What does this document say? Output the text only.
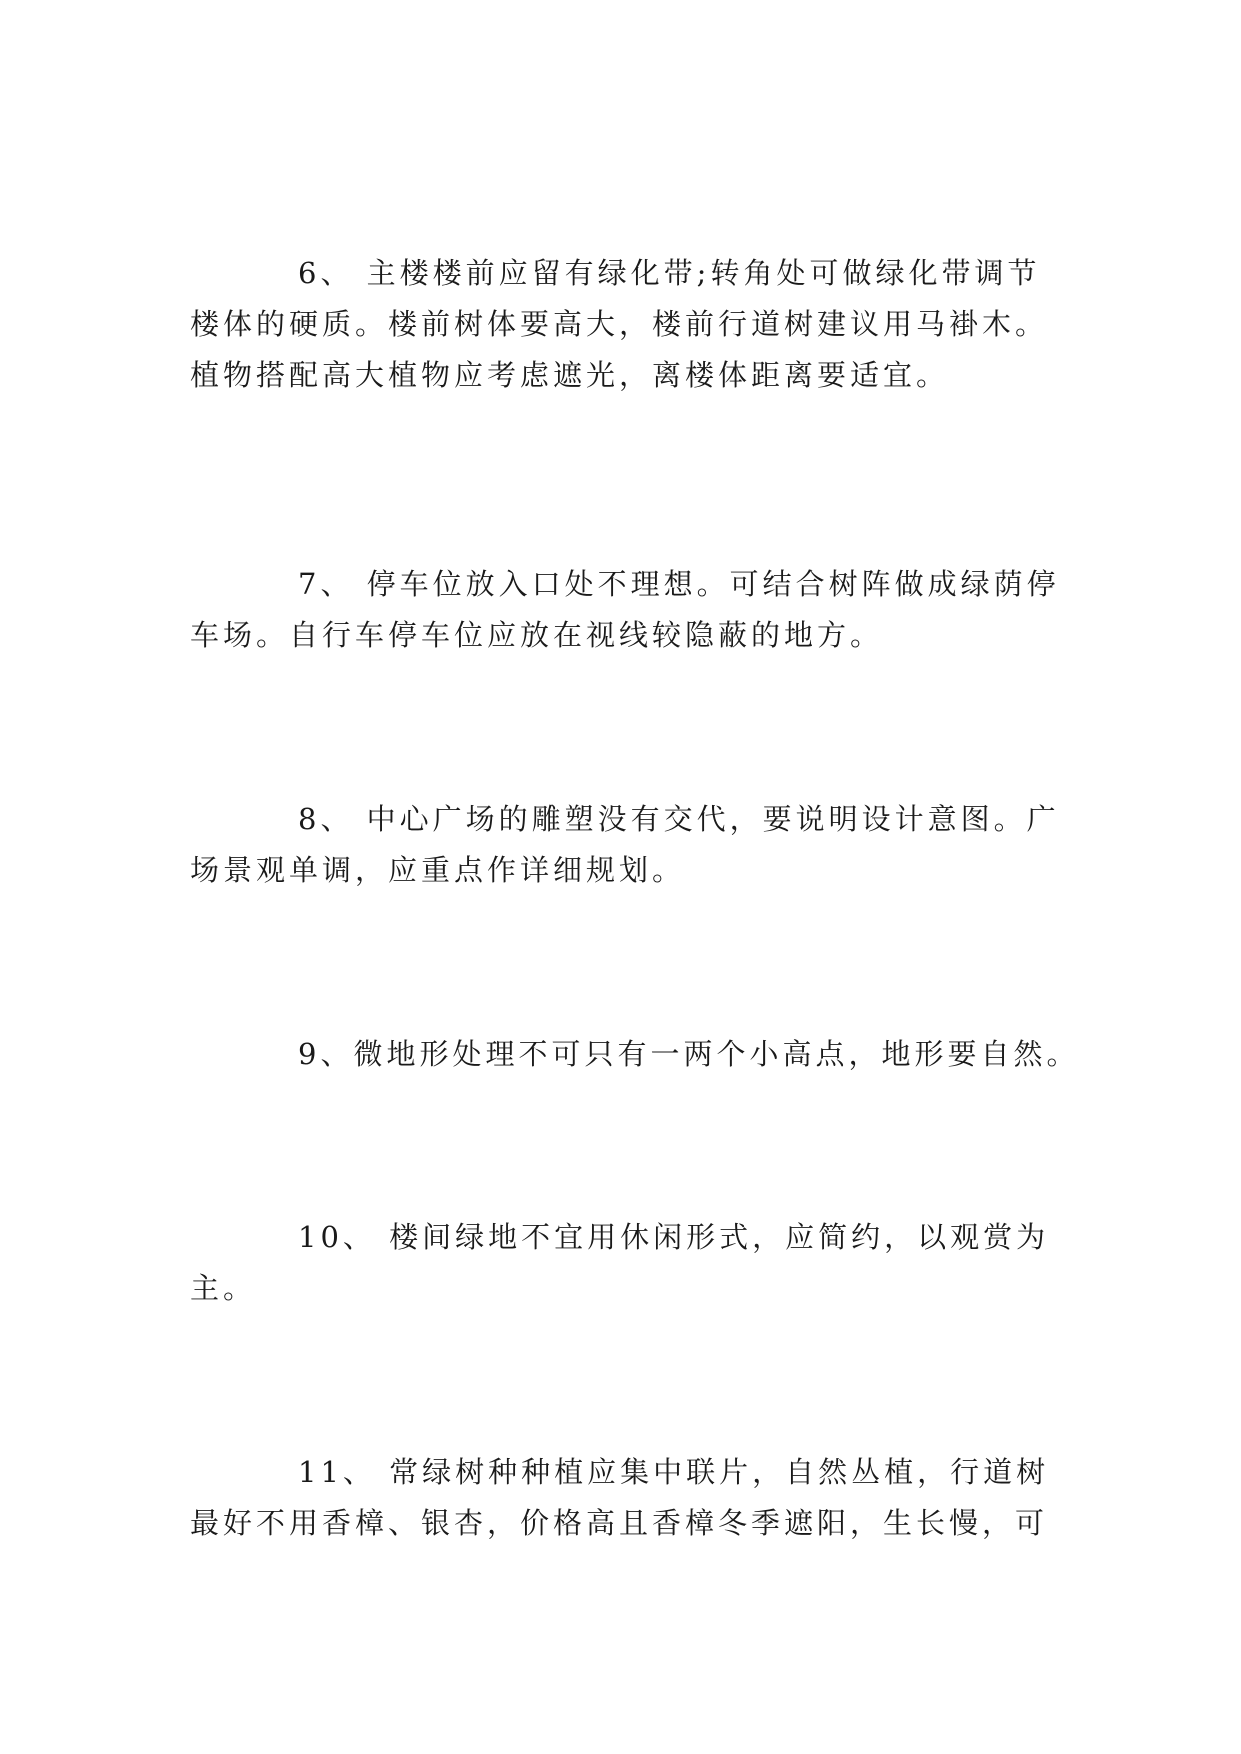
6、 主楼楼前应留有绿化带;转角处可做绿化带调节
楼体的硬质。楼前树体要高大，楼前行道树建议用马褂木。
植物搭配高大植物应考虑遮光，离楼体距离要适宜。
7、 停车位放入口处不理想。可结合树阵做成绿荫停
车场。自行车停车位应放在视线较隐蔽的地方。
8、 中心广场的雕塑没有交代，要说明设计意图。广
场景观单调，应重点作详细规划。
9、微地形处理不可只有一两个小高点，地形要自然。
10、 楼间绿地不宜用休闲形式，应简约，以观赏为
主。
11、 常绿树种种植应集中联片，自然丛植，行道树
最好不用香樟、银杏，价格高且香樟冬季遮阳，生长慢，可
